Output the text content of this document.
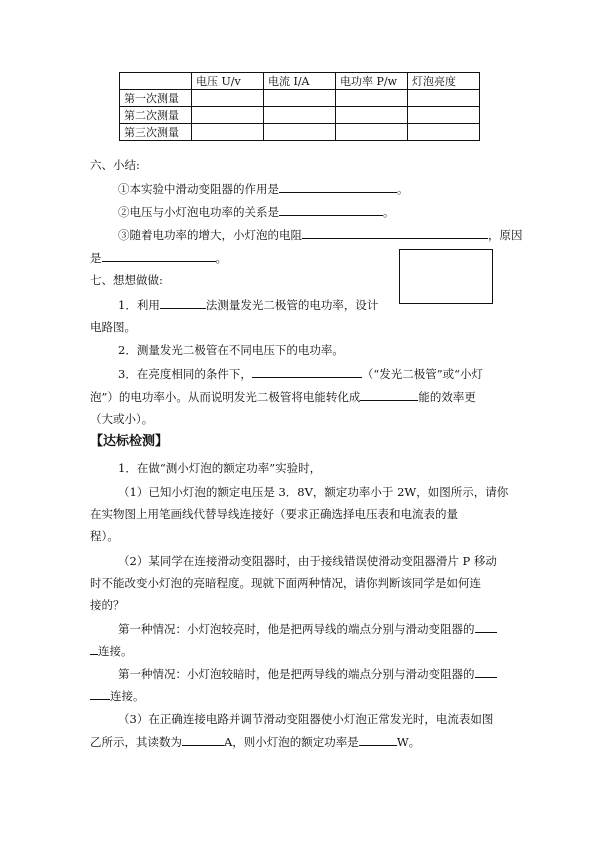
	电压 U/v	电流 I/A	电功率 P/w	灯泡亮度
第一次测量				
第二次测量				
第三次测量				
六、小结:
①本实验中滑动变阻器的作用是	。
②电压与小灯泡电功率的关系是	。
③随着电功率的增大，小灯泡的电阻	，原因
是	。
七、想想做做:
1．利用	法测量发光二极管的电功率，设计
电路图。
2．测量发光二极管在不同电压下的电功率。
3．在亮度相同的条件下，	（“发光二极管”或“小灯
泡”）的电功率小。从而说明发光二极管将电能转化成	能的效率更
（大或小）。
【达标检测】
1．在做“测小灯泡的额定功率”实验时，
（1）已知小灯泡的额定电压是 3．8V，额定功率小于 2W，如图所示，请你
在实物图上用笔画线代替导线连接好（要求正确选择电压表和电流表的量
程）。
（2）某同学在连接滑动变阻器时，由于接线错误使滑动变阻器滑片 P 移动
时不能改变小灯泡的亮暗程度。现就下面两种情况，请你判断该同学是如何连
接的？
第一种情况：小灯泡较亮时，他是把两导线的端点分别与滑动变阻器的
连接。
第一种情况：小灯泡较暗时，他是把两导线的端点分别与滑动变阻器的
连接。
（3）在正确连接电路并调节滑动变阻器使小灯泡正常发光时，电流表如图
乙所示，其读数为	A，则小灯泡的额定功率是	W。
